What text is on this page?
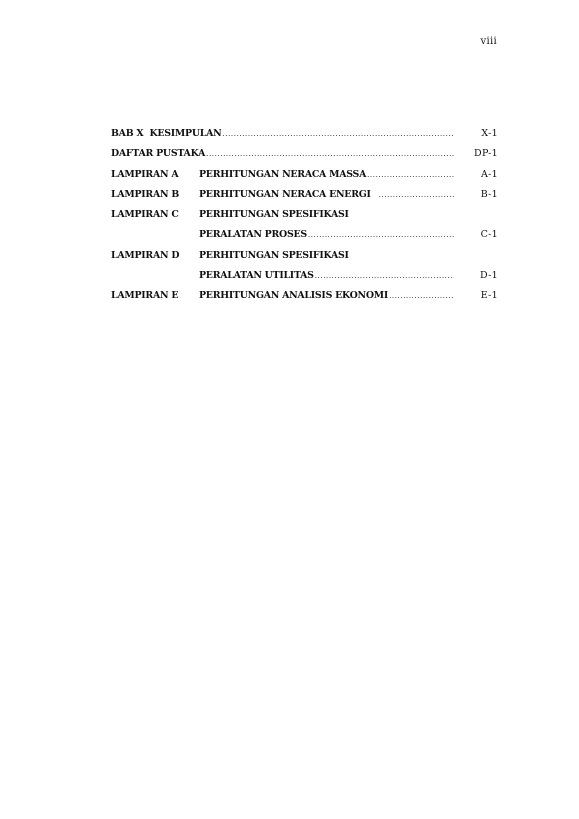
viii
BAB X KESIMPULAN .....	X-1
DAFTAR PUSTAKA .....	DP-1
LAMPIRAN A PERHITUNGAN NERACA MASSA .....	A-1
LAMPIRAN B PERHITUNGAN NERACA ENERGI .....	B-1
LAMPIRAN C PERHITUNGAN SPESIFIKASI
PERALATAN PROSES .....	C-1
LAMPIRAN D PERHITUNGAN SPESIFIKASI
PERALATAN UTILITAS .....	D-1
LAMPIRAN E PERHITUNGAN ANALISIS EKONOMI .....	E-1
